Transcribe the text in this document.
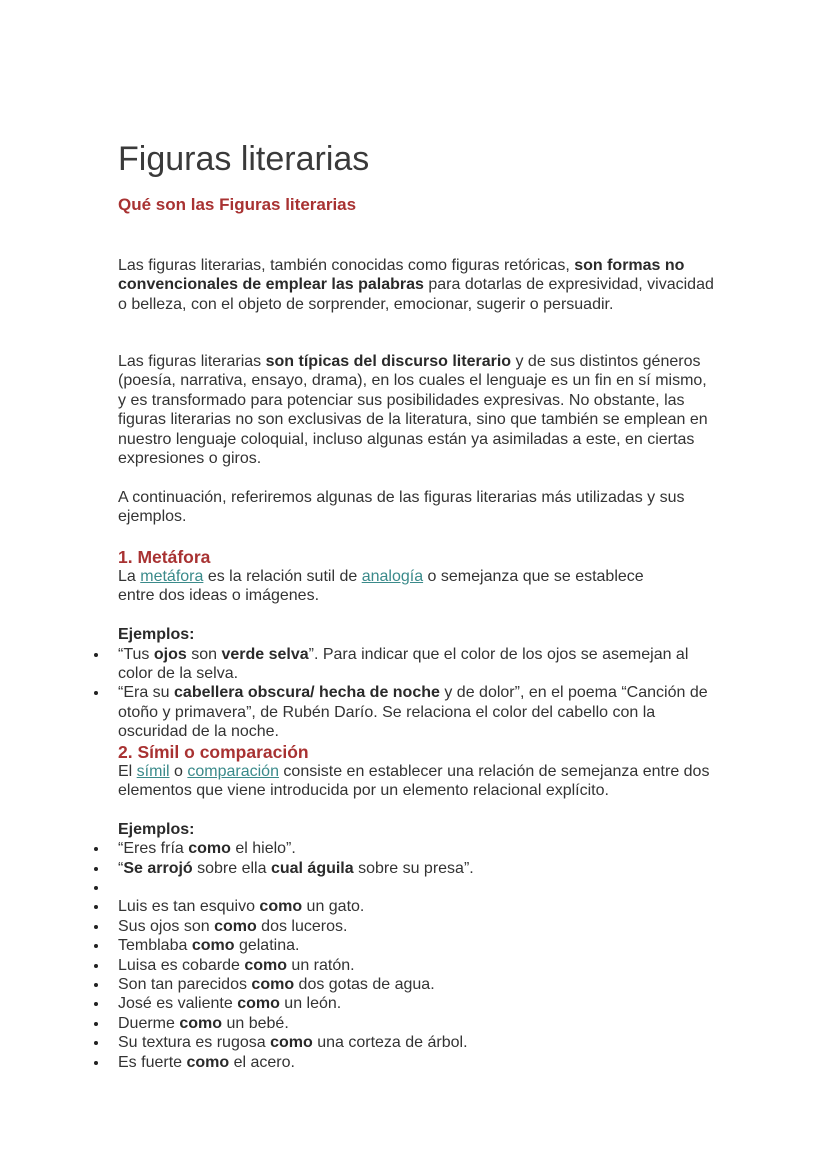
Figuras literarias
Qué son las Figuras literarias

Las figuras literarias, también conocidas como figuras retóricas, son formas no convencionales de emplear las palabras para dotarlas de expresividad, vivacidad o belleza, con el objeto de sorprender, emocionar, sugerir o persuadir.

Las figuras literarias son típicas del discurso literario y de sus distintos géneros (poesía, narrativa, ensayo, drama), en los cuales el lenguaje es un fin en sí mismo, y es transformado para potenciar sus posibilidades expresivas. No obstante, las figuras literarias no son exclusivas de la literatura, sino que también se emplean en nuestro lenguaje coloquial, incluso algunas están ya asimiladas a este, en ciertas expresiones o giros.

A continuación, referiremos algunas de las figuras literarias más utilizadas y sus ejemplos.

1. Metáfora

La metáfora es la relación sutil de analogía o semejanza que se establece entre dos ideas o imágenes.

Ejemplos:
“Tus ojos son verde selva”. Para indicar que el color de los ojos se asemejan al color de la selva.
“Era su cabellera obscura/ hecha de noche y de dolor”, en el poema “Canción de otoño y primavera”, de Rubén Darío. Se relaciona el color del cabello con la oscuridad de la noche.
2. Símil o comparación

El símil o comparación consiste en establecer una relación de semejanza entre dos elementos que viene introducida por un elemento relacional explícito.

Ejemplos:
“Eres fría como el hielo”.
“Se arrojó sobre ella cual águila sobre su presa”.
Luis es tan esquivo como un gato.
Sus ojos son como dos luceros.
Temblaba como gelatina.
Luisa es cobarde como un ratón.
Son tan parecidos como dos gotas de agua.
José es valiente como un león.
Duerme como un bebé.
Su textura es rugosa como una corteza de árbol.
Es fuerte como el acero.
